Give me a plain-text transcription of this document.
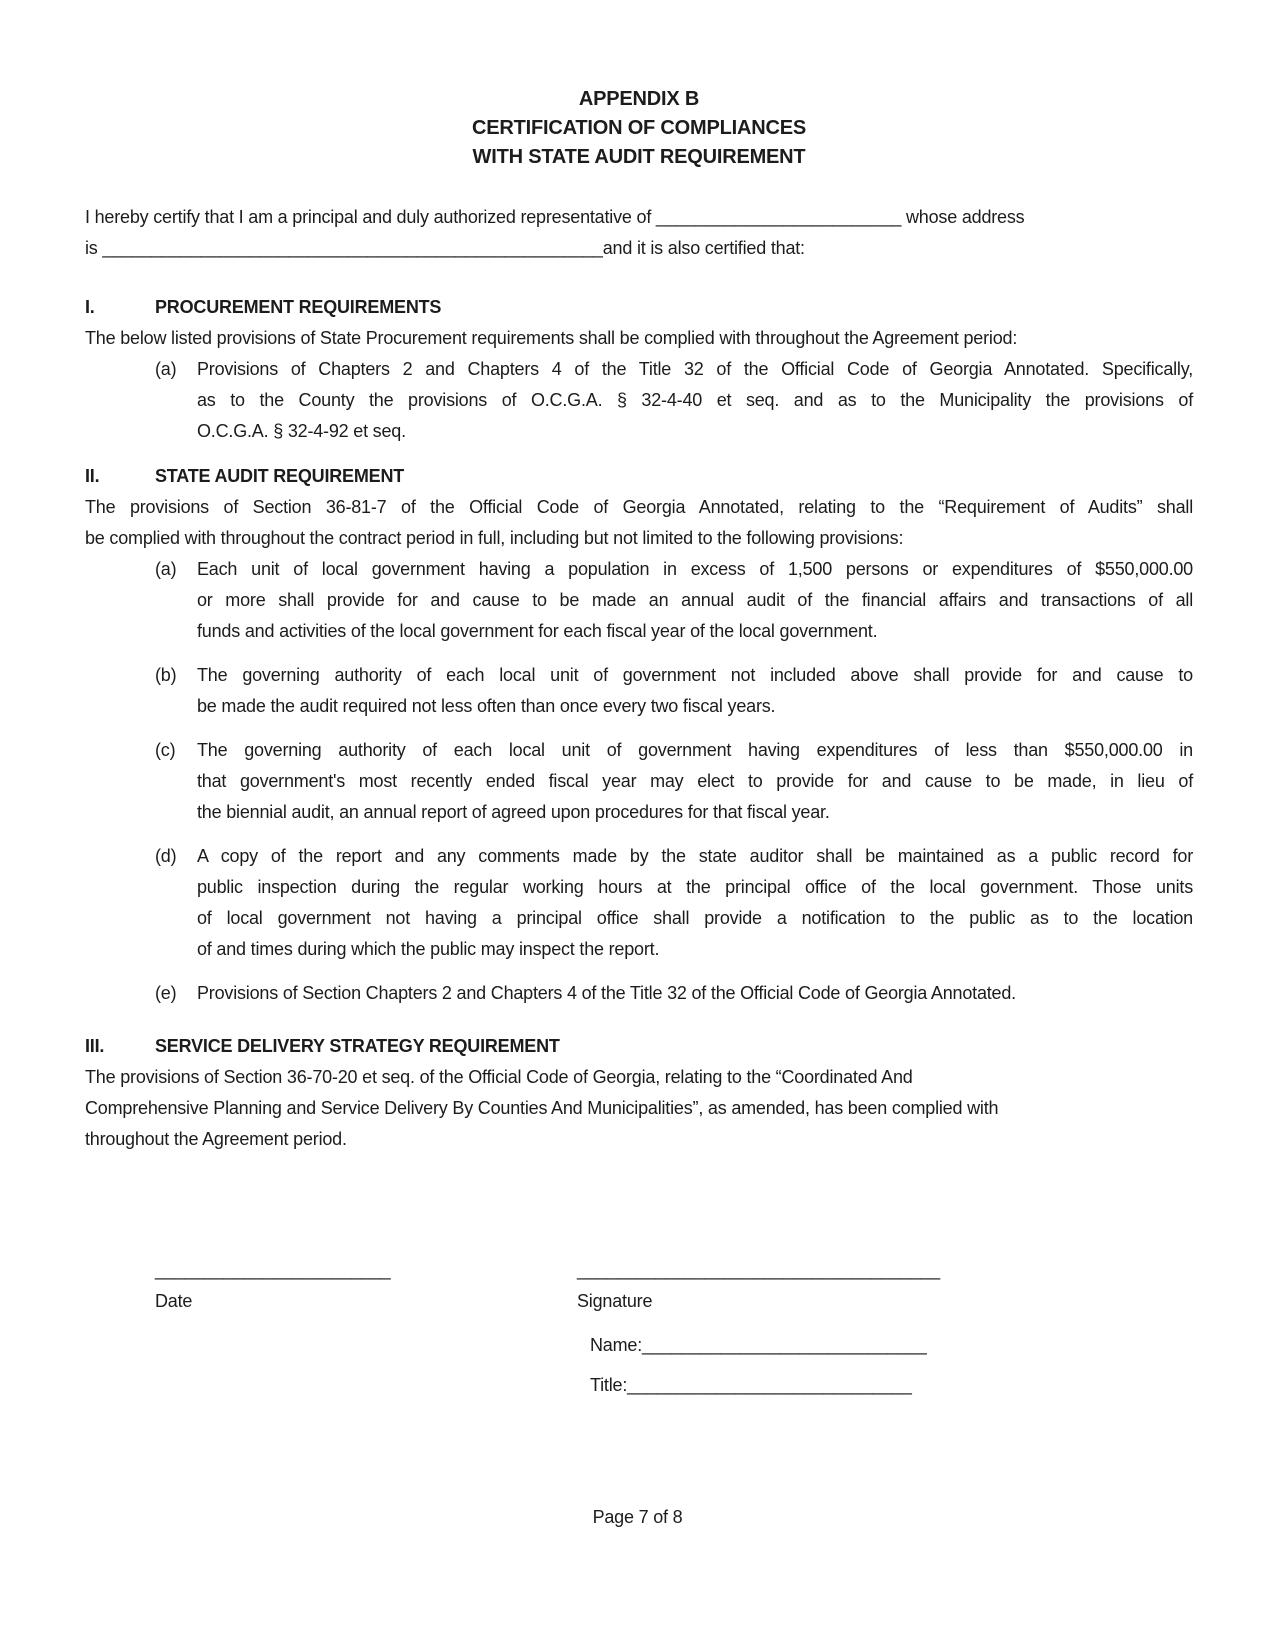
APPENDIX B
CERTIFICATION OF COMPLIANCES
WITH STATE AUDIT REQUIREMENT
I hereby certify that I am a principal and duly authorized representative of _________________________ whose address
is ___________________________________________________and it is also certified that:
I.	PROCUREMENT REQUIREMENTS
The below listed provisions of State Procurement requirements shall be complied with throughout the Agreement period:
(a)	Provisions of Chapters 2 and Chapters 4 of the Title 32 of the Official Code of Georgia Annotated. Specifically,
as to the County the provisions of O.C.G.A. § 32-4-40 et seq. and as to the Municipality the provisions of
O.C.G.A. § 32-4-92 et seq.
II.	STATE AUDIT REQUIREMENT
The provisions of Section 36-81-7 of the Official Code of Georgia Annotated, relating to the “Requirement of Audits” shall
be complied with throughout the contract period in full, including but not limited to the following provisions:
(a)	Each unit of local government having a population in excess of 1,500 persons or expenditures of $550,000.00
or more shall provide for and cause to be made an annual audit of the financial affairs and transactions of all
funds and activities of the local government for each fiscal year of the local government.
(b)	The governing authority of each local unit of government not included above shall provide for and cause to
be made the audit required not less often than once every two fiscal years.
(c)	The governing authority of each local unit of government having expenditures of less than $550,000.00 in
that government's most recently ended fiscal year may elect to provide for and cause to be made, in lieu of
the biennial audit, an annual report of agreed upon procedures for that fiscal year.
(d)	A copy of the report and any comments made by the state auditor shall be maintained as a public record for
public inspection during the regular working hours at the principal office of the local government. Those units
of local government not having a principal office shall provide a notification to the public as to the location
of and times during which the public may inspect the report.
(e)	Provisions of Section Chapters 2 and Chapters 4 of the Title 32 of the Official Code of Georgia Annotated.
III.	SERVICE DELIVERY STRATEGY REQUIREMENT
The provisions of Section 36-70-20 et seq. of the Official Code of Georgia, relating to the “Coordinated And
Comprehensive Planning and Service Delivery By Counties And Municipalities”, as amended, has been complied with
throughout the Agreement period.
________________________	_____________________________________
Date	Signature
Name:_____________________________
Title:_____________________________
Page 7 of 8
